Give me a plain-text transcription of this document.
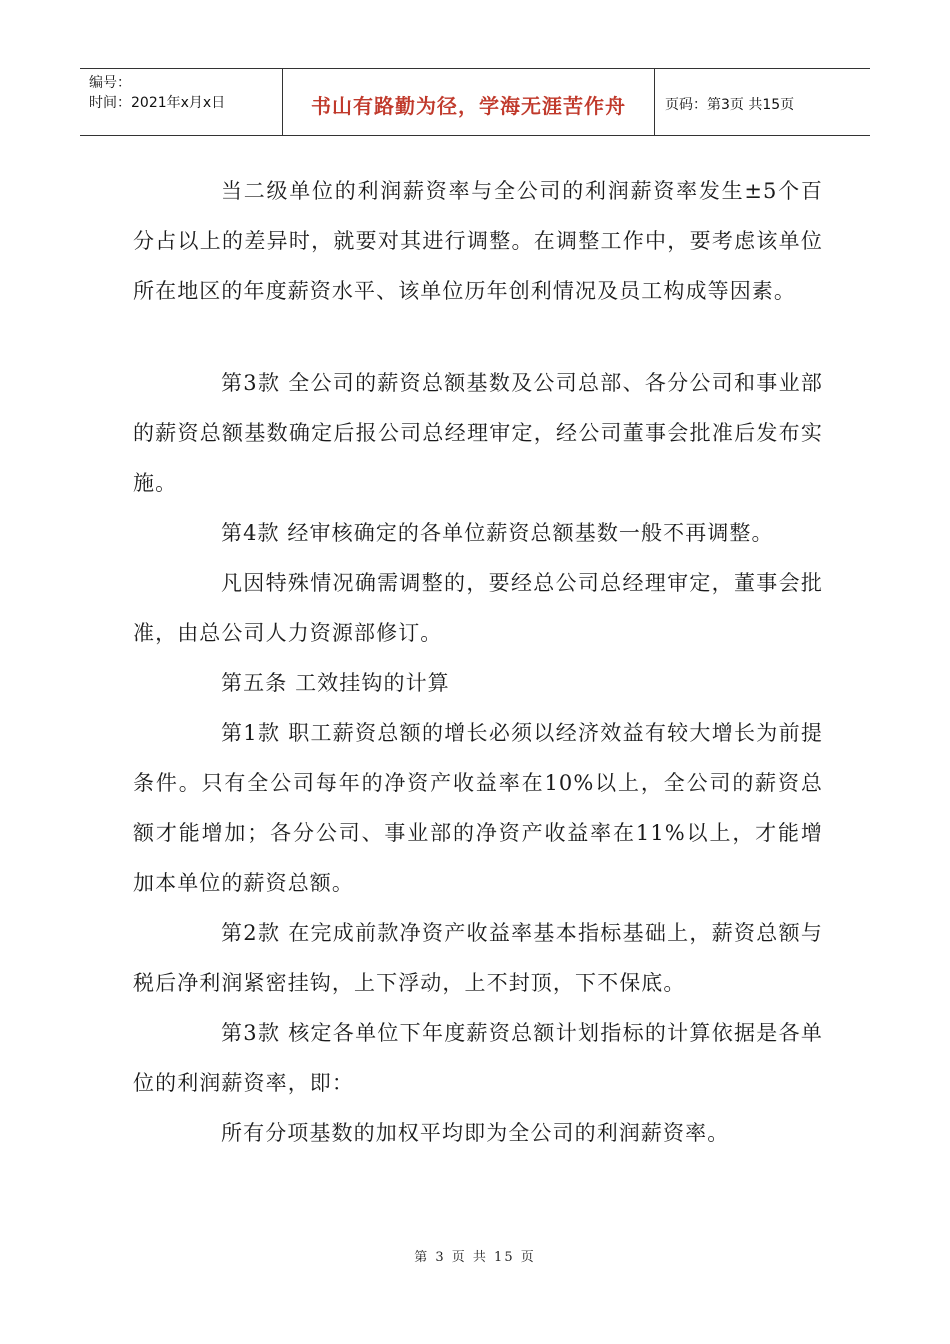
编号：
时间：2021年x月x日	书山有路勤为径，学海无涯苦作舟	页码：第3页 共15页

当二级单位的利润薪资率与全公司的利润薪资率发生±5个百分占以上的差异时，就要对其进行调整。在调整工作中，要考虑该单位所在地区的年度薪资水平、该单位历年创利情况及员工构成等因素。

第3款 全公司的薪资总额基数及公司总部、各分公司和事业部的薪资总额基数确定后报公司总经理审定，经公司董事会批准后发布实施。

第4款 经审核确定的各单位薪资总额基数一般不再调整。

凡因特殊情况确需调整的，要经总公司总经理审定，董事会批准，由总公司人力资源部修订。

第五条 工效挂钩的计算

第1款 职工薪资总额的增长必须以经济效益有较大增长为前提条件。只有全公司每年的净资产收益率在10%以上，全公司的薪资总额才能增加；各分公司、事业部的净资产收益率在11%以上，才能增加本单位的薪资总额。

第2款 在完成前款净资产收益率基本指标基础上，薪资总额与税后净利润紧密挂钩，上下浮动，上不封顶，下不保底。

第3款 核定各单位下年度薪资总额计划指标的计算依据是各单位的利润薪资率，即：

所有分项基数的加权平均即为全公司的利润薪资率。

第 3 页 共 15 页
